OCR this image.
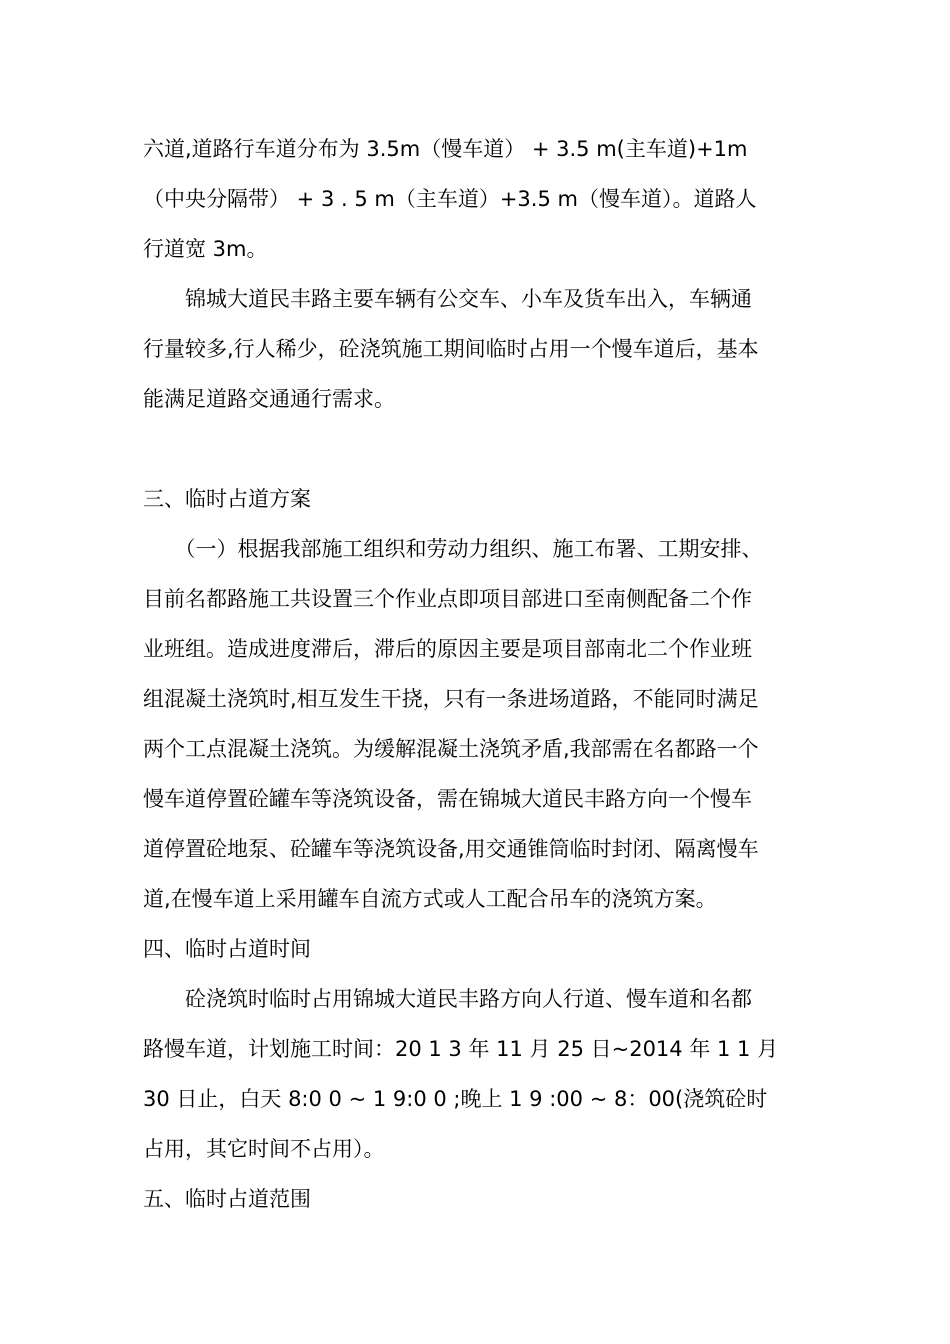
六道,道路行车道分布为 3.5m（慢车道） + 3.5 m(主车道)+1m
（中央分隔带） + 3 . 5 m（主车道）+3.5 m（慢车道）。道路人
行道宽 3m。
　　锦城大道民丰路主要车辆有公交车、小车及货车出入，车辆通
行量较多,行人稀少，砼浇筑施工期间临时占用一个慢车道后，基本
能满足道路交通通行需求。
三、临时占道方案
　　（一）根据我部施工组织和劳动力组织、施工布署、工期安排、
目前名都路施工共设置三个作业点即项目部进口至南侧配备二个作
业班组。造成进度滞后，滞后的原因主要是项目部南北二个作业班
组混凝土浇筑时,相互发生干挠，只有一条进场道路，不能同时满足
两个工点混凝土浇筑。为缓解混凝土浇筑矛盾,我部需在名都路一个
慢车道停置砼罐车等浇筑设备，需在锦城大道民丰路方向一个慢车
道停置砼地泵、砼罐车等浇筑设备,用交通锥筒临时封闭、隔离慢车
道,在慢车道上采用罐车自流方式或人工配合吊车的浇筑方案。
四、临时占道时间
　　砼浇筑时临时占用锦城大道民丰路方向人行道、慢车道和名都
路慢车道，计划施工时间：20 1 3 年 11 月 25 日~2014 年 1 1 月
30 日止，白天 8:0 0 ~ 1 9:0 0 ;晚上 1 9 :00 ~ 8：00(浇筑砼时
占用，其它时间不占用）。
五、临时占道范围
